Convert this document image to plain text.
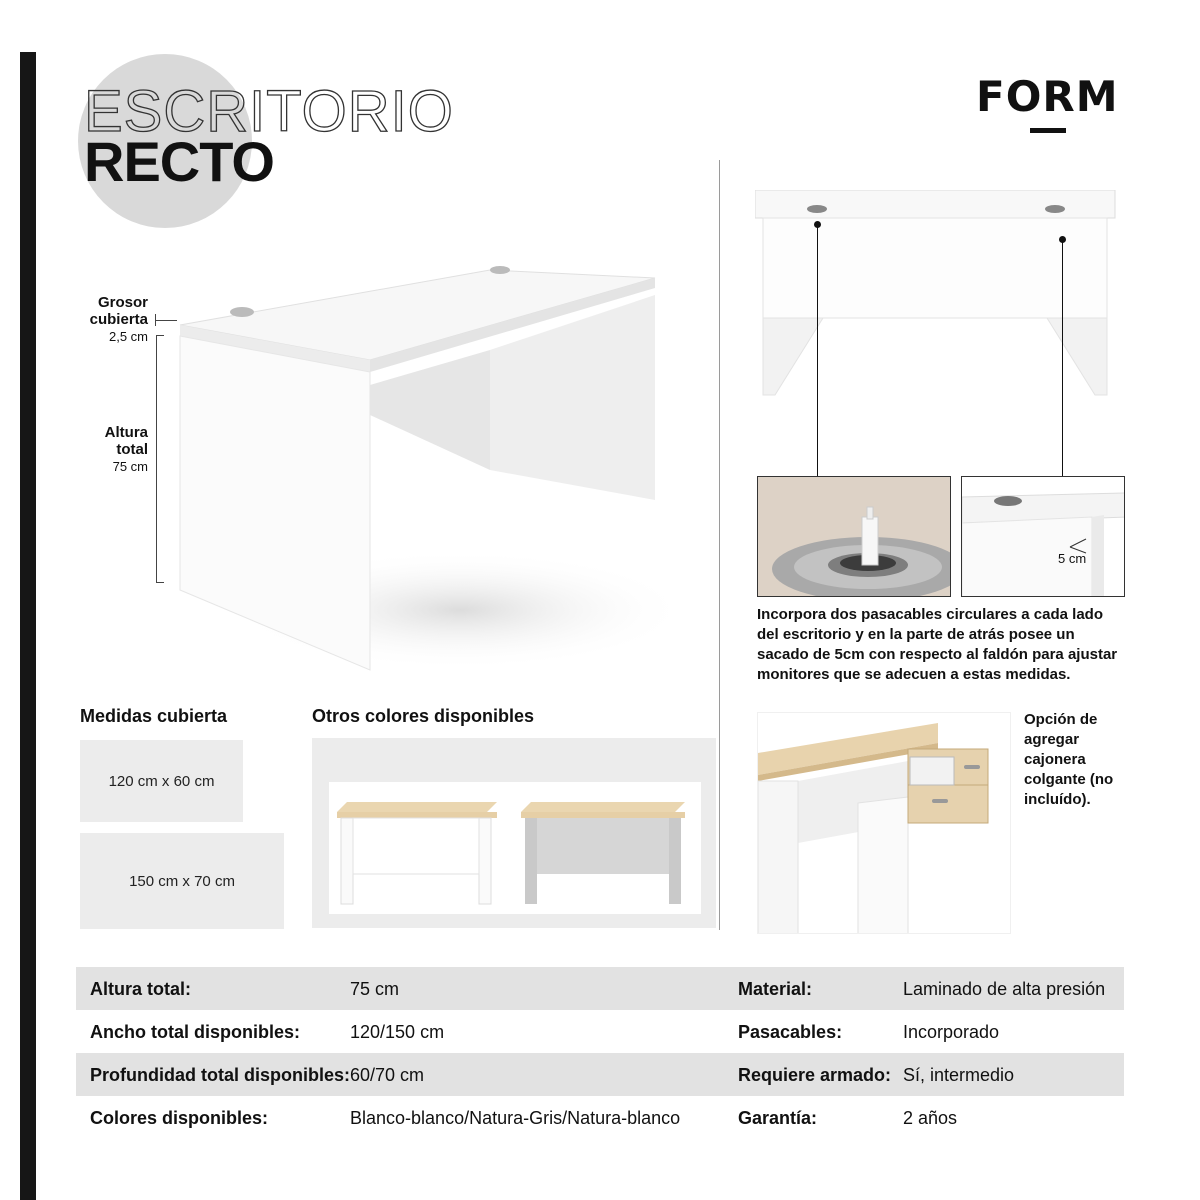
ESCRITORIO
RECTO
FORM
Grosor cubierta
2,5 cm
Altura total
75 cm
Medidas cubierta
120 cm x 60 cm
150 cm x 70 cm
Otros colores disponibles
5 cm
Incorpora dos pasacables circulares a cada lado del escritorio y en la parte de atrás posee un sacado de 5cm con respecto al faldón para ajustar monitores que se adecuen a estas medidas.
Opción de agregar cajonera colgante (no incluído).
Altura total:	75 cm	Material:	Laminado de alta presión
Ancho total disponibles:	120/150 cm	Pasacables:	Incorporado
Profundidad total disponibles: 60/70 cm	Requiere armado: Sí, intermedio
Colores disponibles:	Blanco-blanco/Natura-Gris/Natura-blanco	Garantía:	2 años
